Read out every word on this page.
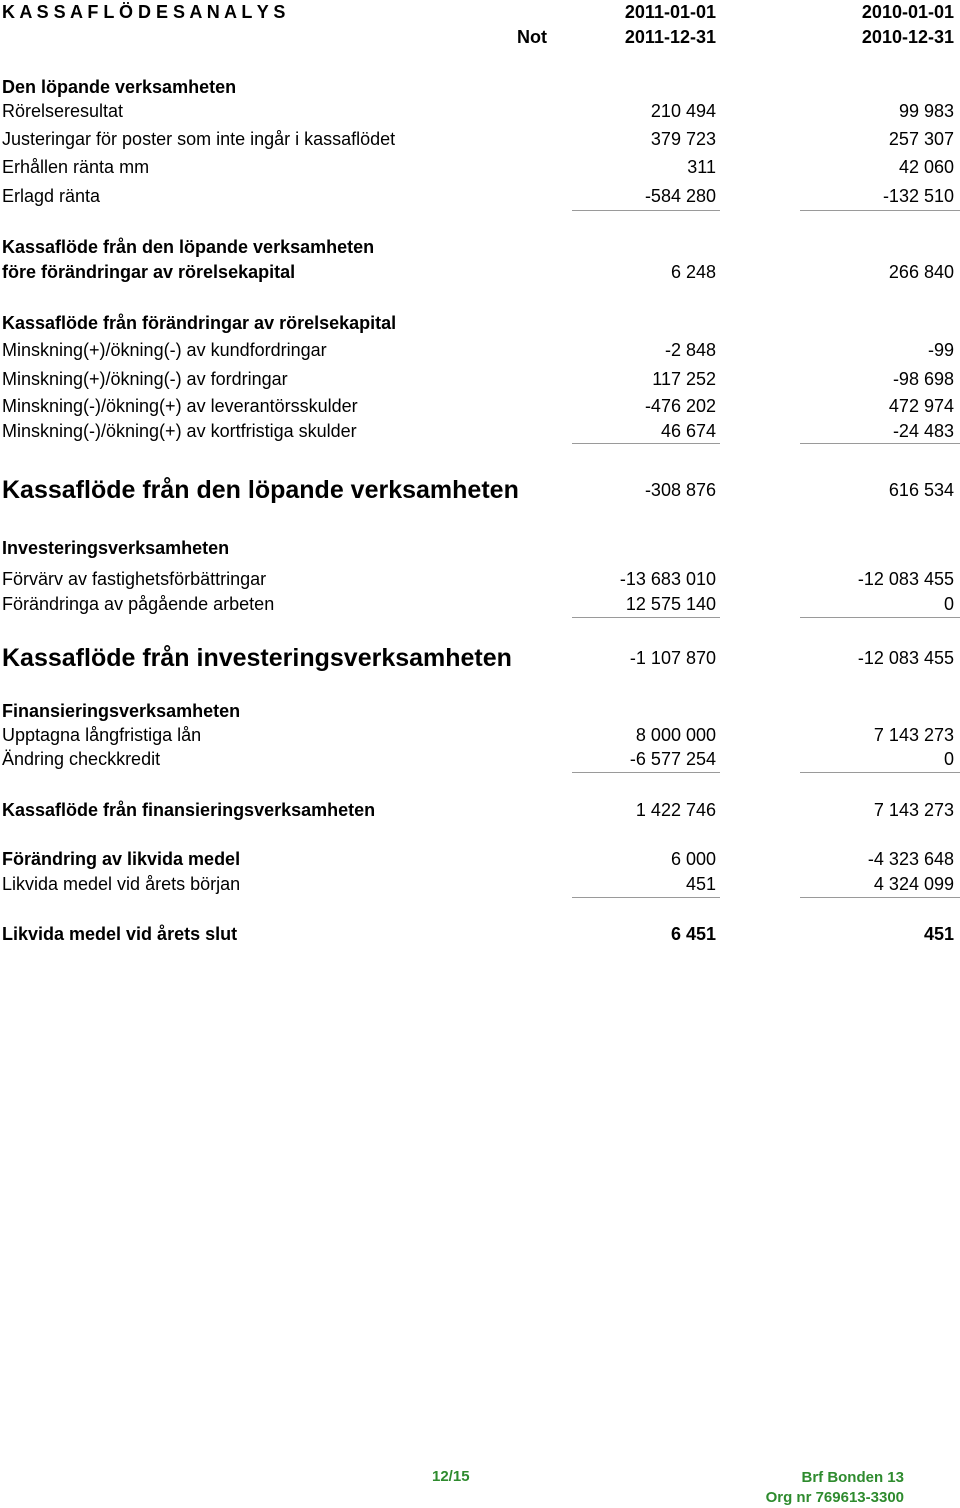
K A S S A F L Ö D E S A N A L Y S	2011-01-01	2010-01-01
Not	2011-12-31	2010-12-31
Den löpande verksamheten
Rörelseresultat	210 494	99 983
Justeringar för poster som inte ingår i kassaflödet	379 723	257 307
Erhållen ränta mm	311	42 060
Erlagd ränta	-584 280	-132 510
Kassaflöde från den löpande verksamheten
före förändringar av rörelsekapital	6 248	266 840
Kassaflöde från förändringar av rörelsekapital
Minskning(+)/ökning(-) av kundfordringar	-2 848	-99
Minskning(+)/ökning(-) av fordringar	117 252	-98 698
Minskning(-)/ökning(+) av leverantörsskulder	-476 202	472 974
Minskning(-)/ökning(+) av kortfristiga skulder	46 674	-24 483
Kassaflöde från den löpande verksamheten	-308 876	616 534
Investeringsverksamheten
Förvärv av fastighetsförbättringar	-13 683 010	-12 083 455
Förändringa av pågående arbeten	12 575 140	0
Kassaflöde från investeringsverksamheten	-1 107 870	-12 083 455
Finansieringsverksamheten
Upptagna långfristiga lån	8 000 000	7 143 273
Ändring checkkredit	-6 577 254	0
Kassaflöde från finansieringsverksamheten	1 422 746	7 143 273
Förändring av likvida medel	6 000	-4 323 648
Likvida medel vid årets början	451	4 324 099
Likvida medel vid årets slut	6 451	451
12/15	Brf Bonden 13
Org nr 769613-3300
